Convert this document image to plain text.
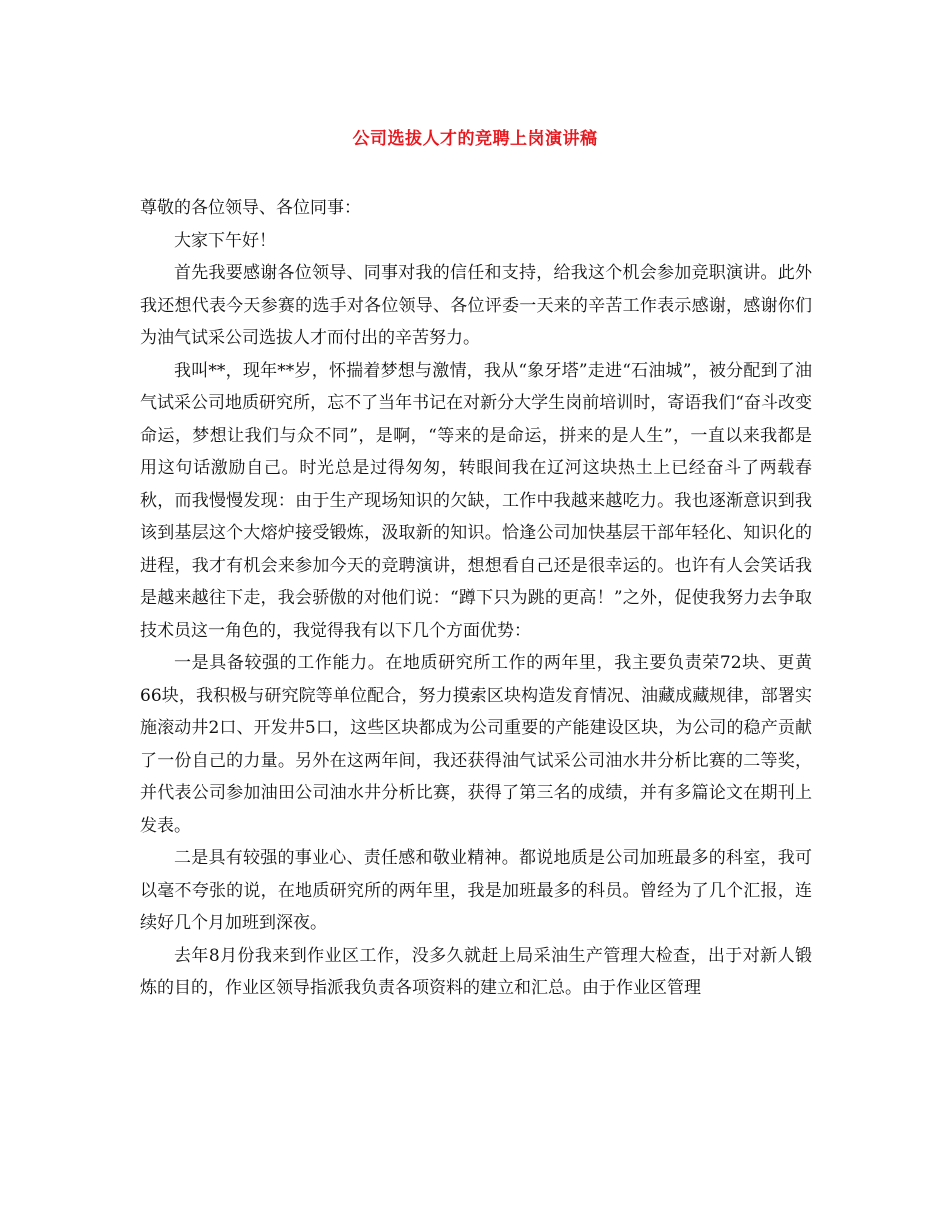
公司选拔人才的竞聘上岗演讲稿

尊敬的各位领导、各位同事：

大家下午好！

首先我要感谢各位领导、同事对我的信任和支持，给我这个机会参加竞职演讲。此外我还想代表今天参赛的选手对各位领导、各位评委一天来的辛苦工作表示感谢，感谢你们为油气试采公司选拔人才而付出的辛苦努力。

我叫**，现年**岁，怀揣着梦想与激情，我从“象牙塔”走进“石油城”，被分配到了油气试采公司地质研究所，忘不了当年书记在对新分大学生岗前培训时，寄语我们“奋斗改变命运，梦想让我们与众不同”，是啊，“等来的是命运，拼来的是人生”，一直以来我都是用这句话激励自己。时光总是过得匆匆，转眼间我在辽河这块热土上已经奋斗了两载春秋，而我慢慢发现：由于生产现场知识的欠缺，工作中我越来越吃力。我也逐渐意识到我该到基层这个大熔炉接受锻炼，汲取新的知识。恰逢公司加快基层干部年轻化、知识化的进程，我才有机会来参加今天的竞聘演讲，想想看自己还是很幸运的。也许有人会笑话我是越来越往下走，我会骄傲的对他们说：“蹲下只为跳的更高！”之外，促使我努力去争取技术员这一角色的，我觉得我有以下几个方面优势：

一是具备较强的工作能力。在地质研究所工作的两年里，我主要负责荣72块、更黄66块，我积极与研究院等单位配合，努力摸索区块构造发育情况、油藏成藏规律，部署实施滚动井2口、开发井5口，这些区块都成为公司重要的产能建设区块，为公司的稳产贡献了一份自己的力量。另外在这两年间，我还获得油气试采公司油水井分析比赛的二等奖，并代表公司参加油田公司油水井分析比赛，获得了第三名的成绩，并有多篇论文在期刊上发表。

二是具有较强的事业心、责任感和敬业精神。都说地质是公司加班最多的科室，我可以毫不夸张的说，在地质研究所的两年里，我是加班最多的科员。曾经为了几个汇报，连续好几个月加班到深夜。

去年8月份我来到作业区工作，没多久就赶上局采油生产管理大检查，出于对新人锻炼的目的，作业区领导指派我负责各项资料的建立和汇总。由于作业区管理
